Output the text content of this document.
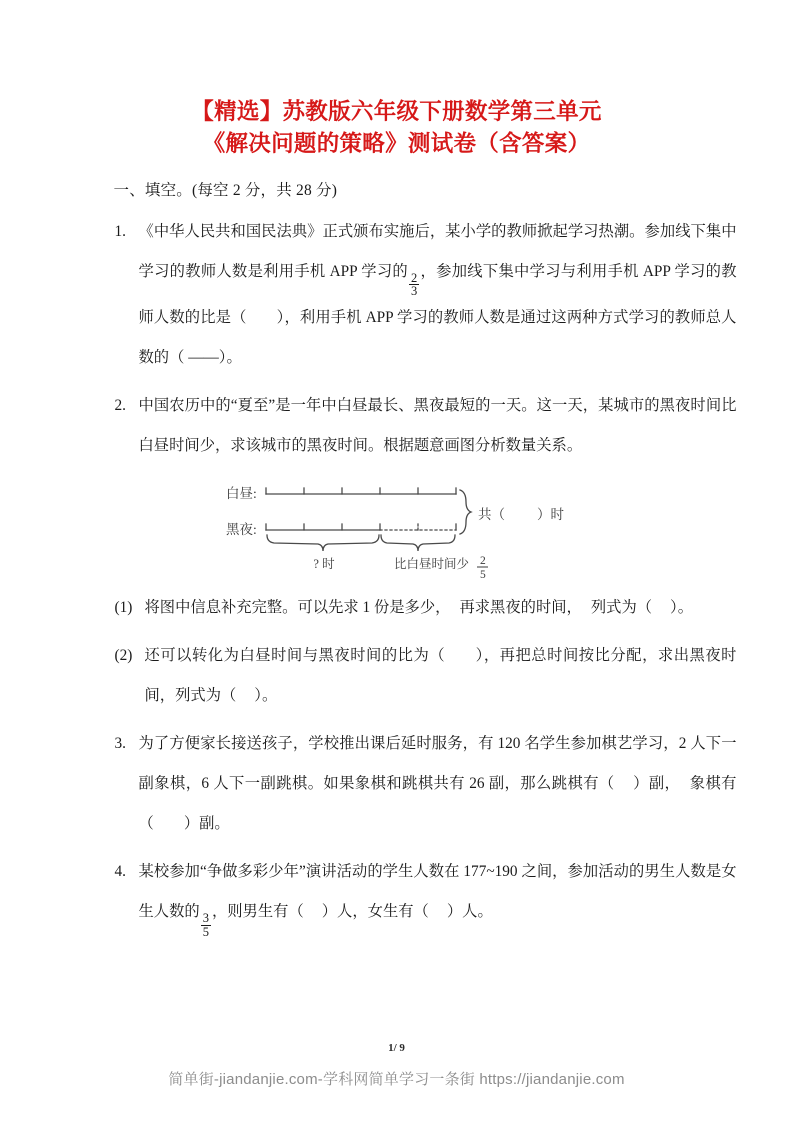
【精选】苏教版六年级下册数学第三单元
《解决问题的策略》测试卷（含答案）
一、填空。(每空 2 分，共 28 分)
1. 《中华人民共和国民法典》正式颁布实施后，某小学的教师掀起学习热潮。参加线下集中学习的教师人数是利用手机 APP 学习的
$\frac{2}{3}$
，参加线下集中学习与利用手机 APP 学习的教师人数的比是（ ），利用手机 APP 学习的教师人数是通过这两种方式学习的教师总人数的（ ——）。
2. 中国农历中的“夏至”是一年中白昼最长、黑夜最短的一天。这一天，某城市的黑夜时间比白昼时间少，求该城市的黑夜时间。根据题意画图分析数量关系。
白昼:
黑夜:
共（ ）时
? 时	比白昼时间少 2
5
(1) 将图中信息补充完整。可以先求 1 份是多少， 再求黑夜的时间， 列式为（ ）。
(2) 还可以转化为白昼时间与黑夜时间的比为（ ），再把总时间按比分配，求出黑夜时间，列式为（ ）。
3. 为了方便家长接送孩子，学校推出课后延时服务，有 120 名学生参加棋艺学习，2 人下一副象棋，6 人下一副跳棋。如果象棋和跳棋共有 26 副，那么跳棋有（ ）副， 象棋有 （ ）副。
4. 某校参加“争做多彩少年”演讲活动的学生人数在 177~190 之间，参加活动的男生人数是女生人数的
$\frac{3}{5}$
，则男生有（ ）人，女生有（ ）人。
1/ 9
简单街-jiandanjie.com-学科网简单学习一条街 https://jiandanjie.com
